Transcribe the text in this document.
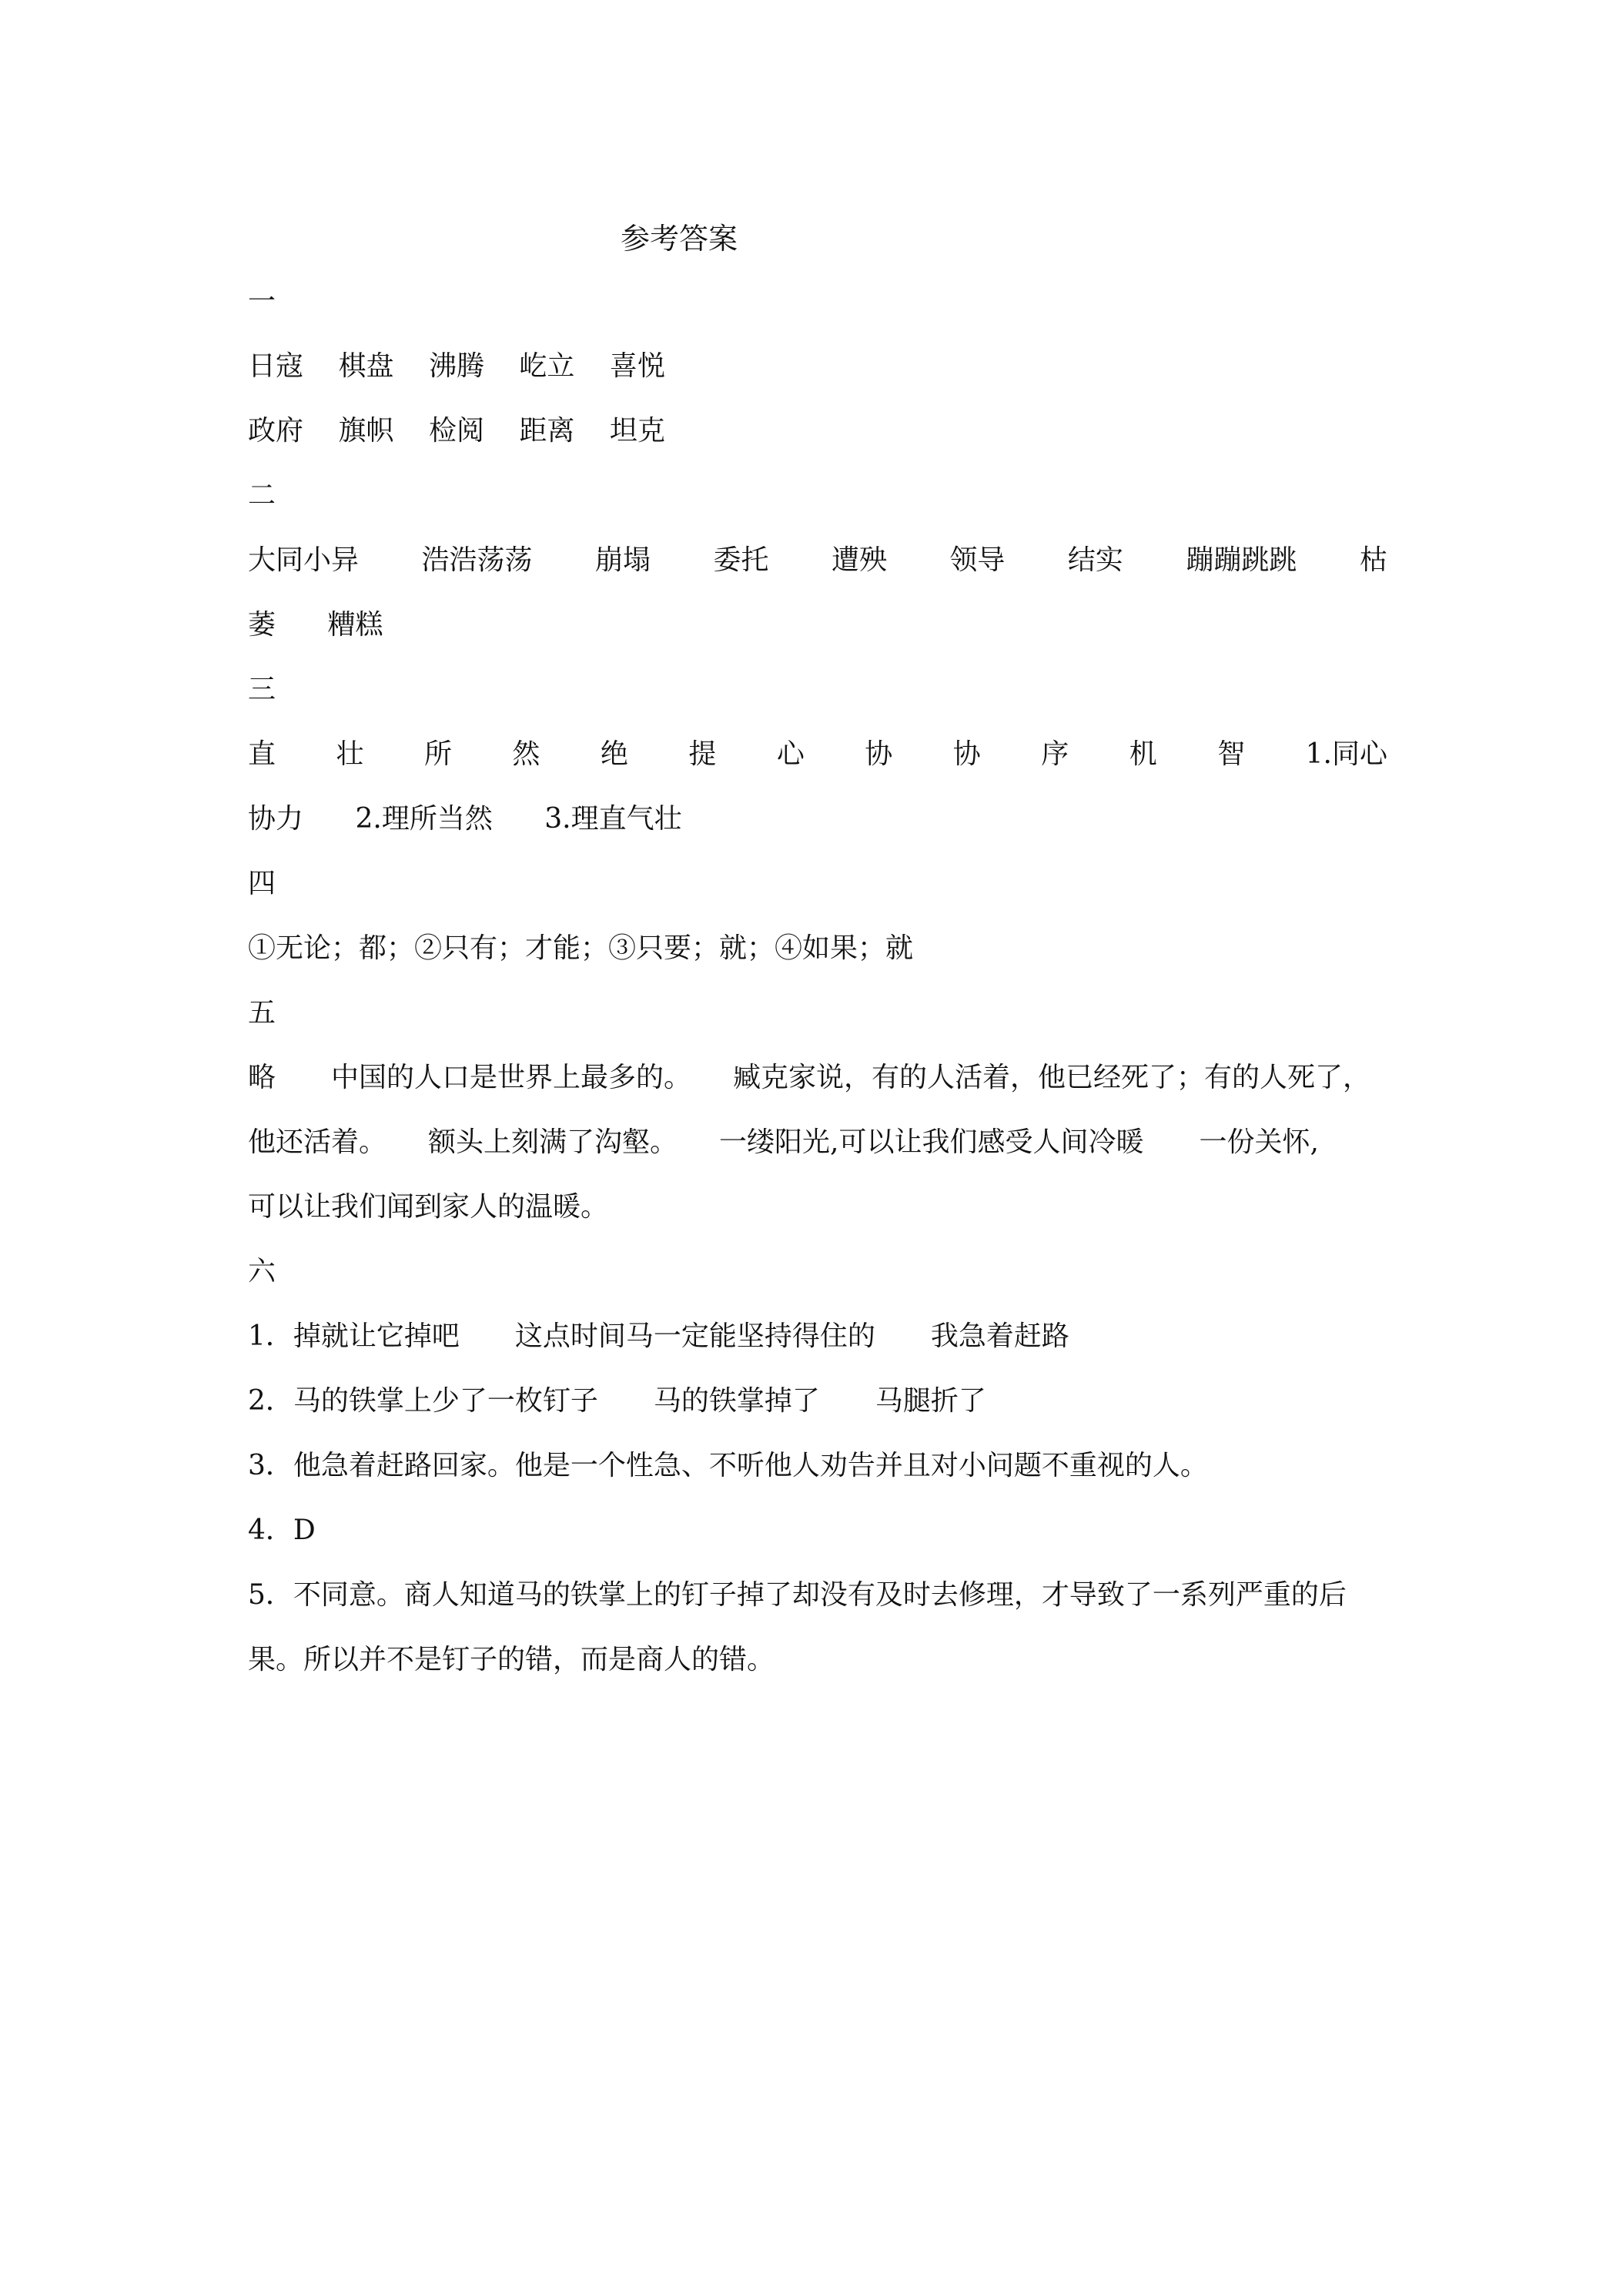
参考答案
一
日寇 棋盘 沸腾 屹立 喜悦
政府 旗帜 检阅 距离 坦克
二
大同小异 浩浩荡荡 崩塌 委托 遭殃 领导 结实 蹦蹦跳跳 枯
萎 糟糕
三
直 壮 所 然 绝 提 心 协 协 序 机 智 1.同心
协力 2.理所当然 3.理直气壮
四
①无论；都；②只有；才能；③只要；就；④如果；就
五
略　　中国的人口是世界上最多的。　　臧克家说，有的人活着，他已经死了；有的人死了，
他还活着。　　额头上刻满了沟壑。　　一缕阳光,可以让我们感受人间冷暖　　一份关怀,
可以让我们闻到家人的温暖。
六
1．掉就让它掉吧　　这点时间马一定能坚持得住的　　我急着赶路
2．马的铁掌上少了一枚钉子　　马的铁掌掉了　　马腿折了
3．他急着赶路回家。他是一个性急、不听他人劝告并且对小问题不重视的人。
4．D
5．不同意。商人知道马的铁掌上的钉子掉了却没有及时去修理，才导致了一系列严重的后
果。所以并不是钉子的错，而是商人的错。
